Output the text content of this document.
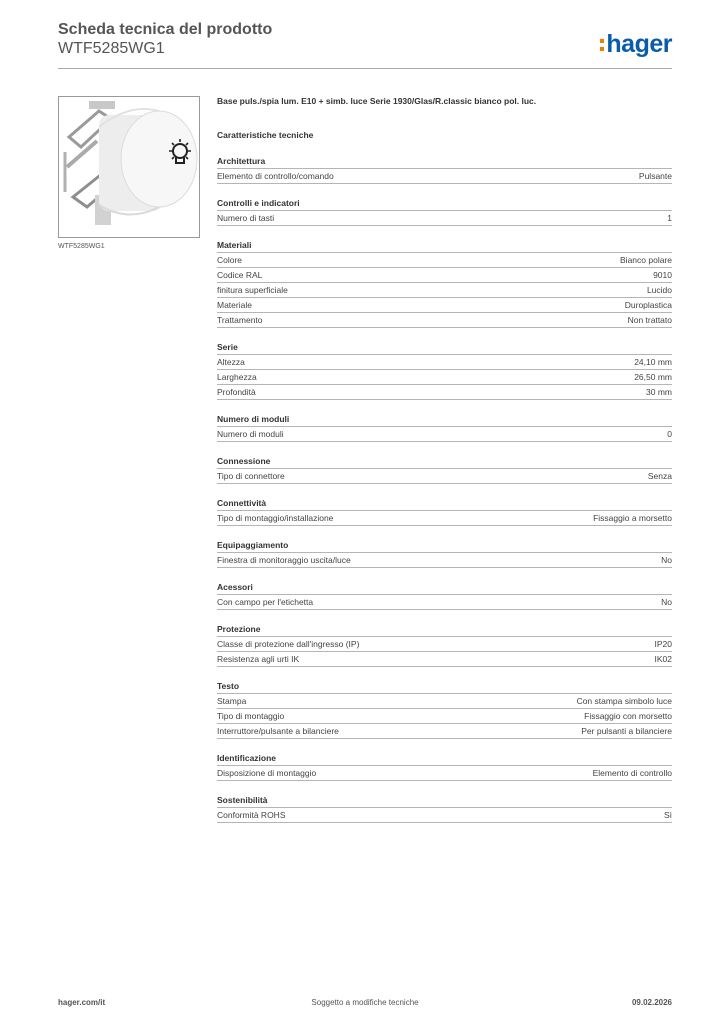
Scheda tecnica del prodotto
WTF5285WG1	hager
WTF5285WG1
Base puls./spia lum. E10 + simb. luce Serie 1930/Glas/R.classic bianco pol. luc.
Caratteristiche tecniche
Architettura
Elemento di controllo/comando	Pulsante
Controlli e indicatori
Numero di tasti	1
Materiali
Colore	Bianco polare
Codice RAL	9010
finitura superficiale	Lucido
Materiale	Duroplastica
Trattamento	Non trattato
Serie
Altezza	24,10 mm
Larghezza	26,50 mm
Profondità	30 mm
Numero di moduli
Numero di moduli	0
Connessione
Tipo di connettore	Senza
Connettività
Tipo di montaggio/installazione	Fissaggio a morsetto
Equipaggiamento
Finestra di monitoraggio uscita/luce	No
Acessori
Con campo per l'etichetta	No
Protezione
Classe di protezione dall'ingresso (IP)	IP20
Resistenza agli urti IK	IK02
Testo
Stampa	Con stampa simbolo luce
Tipo di montaggio	Fissaggio con morsetto
Interruttore/pulsante a bilanciere	Per pulsanti a bilanciere
Identificazione
Disposizione di montaggio	Elemento di controllo
Sostenibilità
Conformità ROHS	Sì
hager.com/it	Soggetto a modifiche tecniche	09.02.2026
